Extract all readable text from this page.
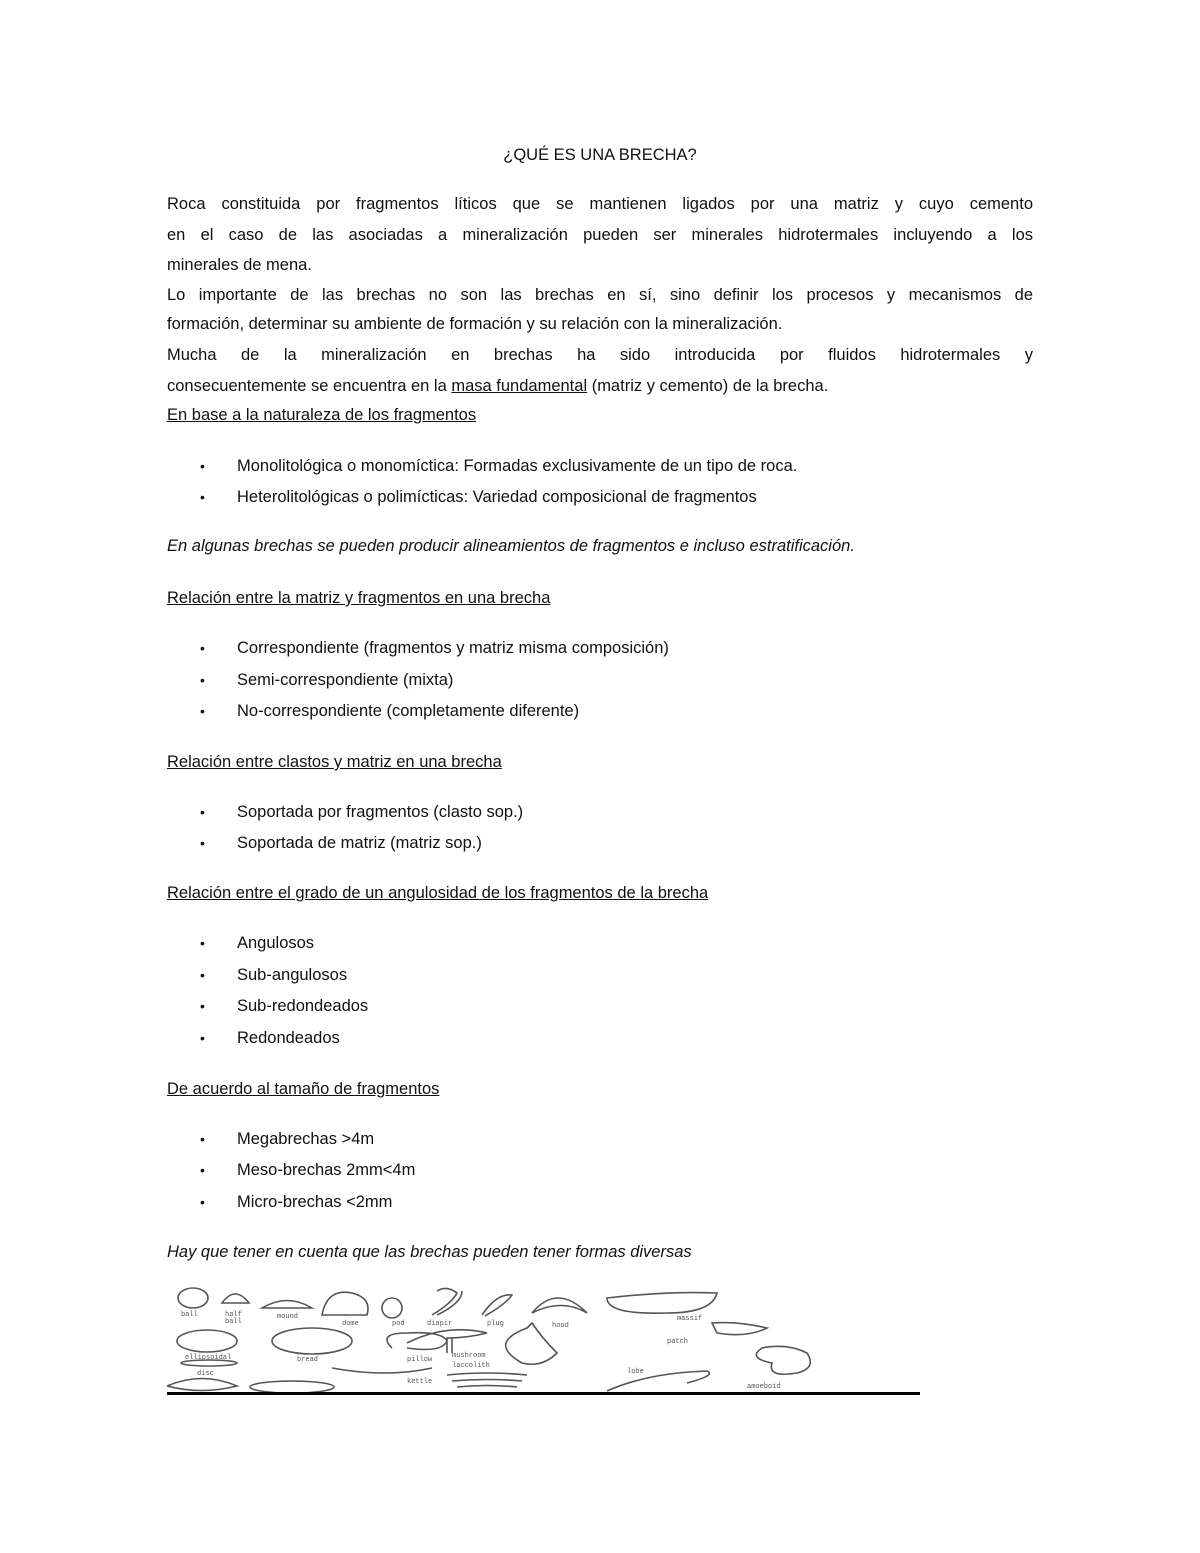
¿QUÉ ES UNA BRECHA?
Roca constituida por fragmentos líticos que se mantienen ligados por una matriz y cuyo cemento
en el caso de las asociadas a mineralización pueden ser minerales hidrotermales incluyendo a los
minerales de mena.
Lo importante de las brechas no son las brechas en sí, sino definir los procesos y mecanismos de
formación, determinar su ambiente de formación y su relación con la mineralización.
Mucha de la mineralización en brechas ha sido introducida por fluidos hidrotermales y
consecuentemente se encuentra en la masa fundamental (matriz y cemento) de la brecha.
En base a la naturaleza de los fragmentos
• Monolitológica o monomíctica: Formadas exclusivamente de un tipo de roca.
• Heterolitológicas o polimícticas: Variedad composicional de fragmentos
En algunas brechas se pueden producir alineamientos de fragmentos e incluso estratificación.
Relación entre la matriz y fragmentos en una brecha
• Correspondiente (fragmentos y matriz misma composición)
• Semi-correspondiente (mixta)
• No-correspondiente (completamente diferente)
Relación entre clastos y matriz en una brecha
• Soportada por fragmentos (clasto sop.)
• Soportada de matriz (matriz sop.)
Relación entre el grado de un angulosidad de los fragmentos de la brecha
• Angulosos
• Sub-angulosos
• Sub-redondeados
• Redondeados
De acuerdo al tamaño de fragmentos
• Megabrechas >4m
• Meso-brechas 2mm<4m
• Micro-brechas <2mm
Hay que tener en cuenta que las brechas pueden tener formas diversas
ball	half
ball
mound
dome	pod	diapir	plug	hood
massif
ellipsoidal	bread	pillow	mushroom
patch
disc
laccolith
kettle
lobe
amoeboid
